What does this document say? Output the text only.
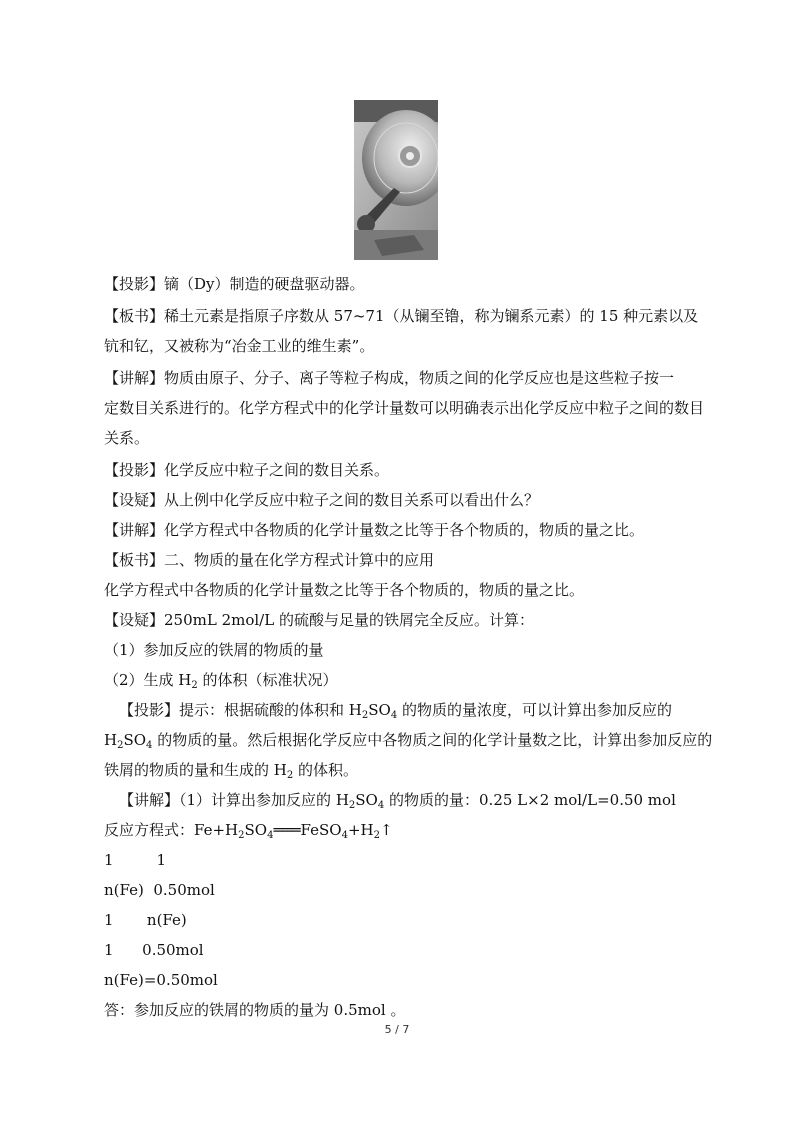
【投影】镝（Dy）制造的硬盘驱动器。
【板书】稀土元素是指原子序数从 57~71（从镧至镥，称为镧系元素）的 15 种元素以及
钪和钇，又被称为“冶金工业的维生素”。
【讲解】物质由原子、分子、离子等粒子构成，物质之间的化学反应也是这些粒子按一
定数目关系进行的。化学方程式中的化学计量数可以明确表示出化学反应中粒子之间的数目
关系。
【投影】化学反应中粒子之间的数目关系。
【设疑】从上例中化学反应中粒子之间的数目关系可以看出什么？
【讲解】化学方程式中各物质的化学计量数之比等于各个物质的，物质的量之比。
【板书】二、物质的量在化学方程式计算中的应用
化学方程式中各物质的化学计量数之比等于各个物质的，物质的量之比。
【设疑】250mL 2mol/L 的硫酸与足量的铁屑完全反应。计算：
（1）参加反应的铁屑的物质的量
（2）生成 $H_2$ 的体积（标准状况）
【投影】提示：根据硫酸的体积和 $H_2SO_4$ 的物质的量浓度，可以计算出参加反应的
$H_2SO_4$ 的物质的量。然后根据化学反应中各物质之间的化学计量数之比，计算出参加反应的
铁屑的物质的量和生成的 $H_2$ 的体积。
【讲解】（1）计算出参加反应的 $H_2SO_4$ 的物质的量：0.25 L×2 mol/L=0.50 mol
反应方程式：$Fe+H_2SO_4═══FeSO_4+H_2↑$
1         1
n(Fe)  0.50mol
1       n(Fe)
1      0.50mol
n(Fe)=0.50mol
答：参加反应的铁屑的物质的量为 0.5mol 。
5 / 7
